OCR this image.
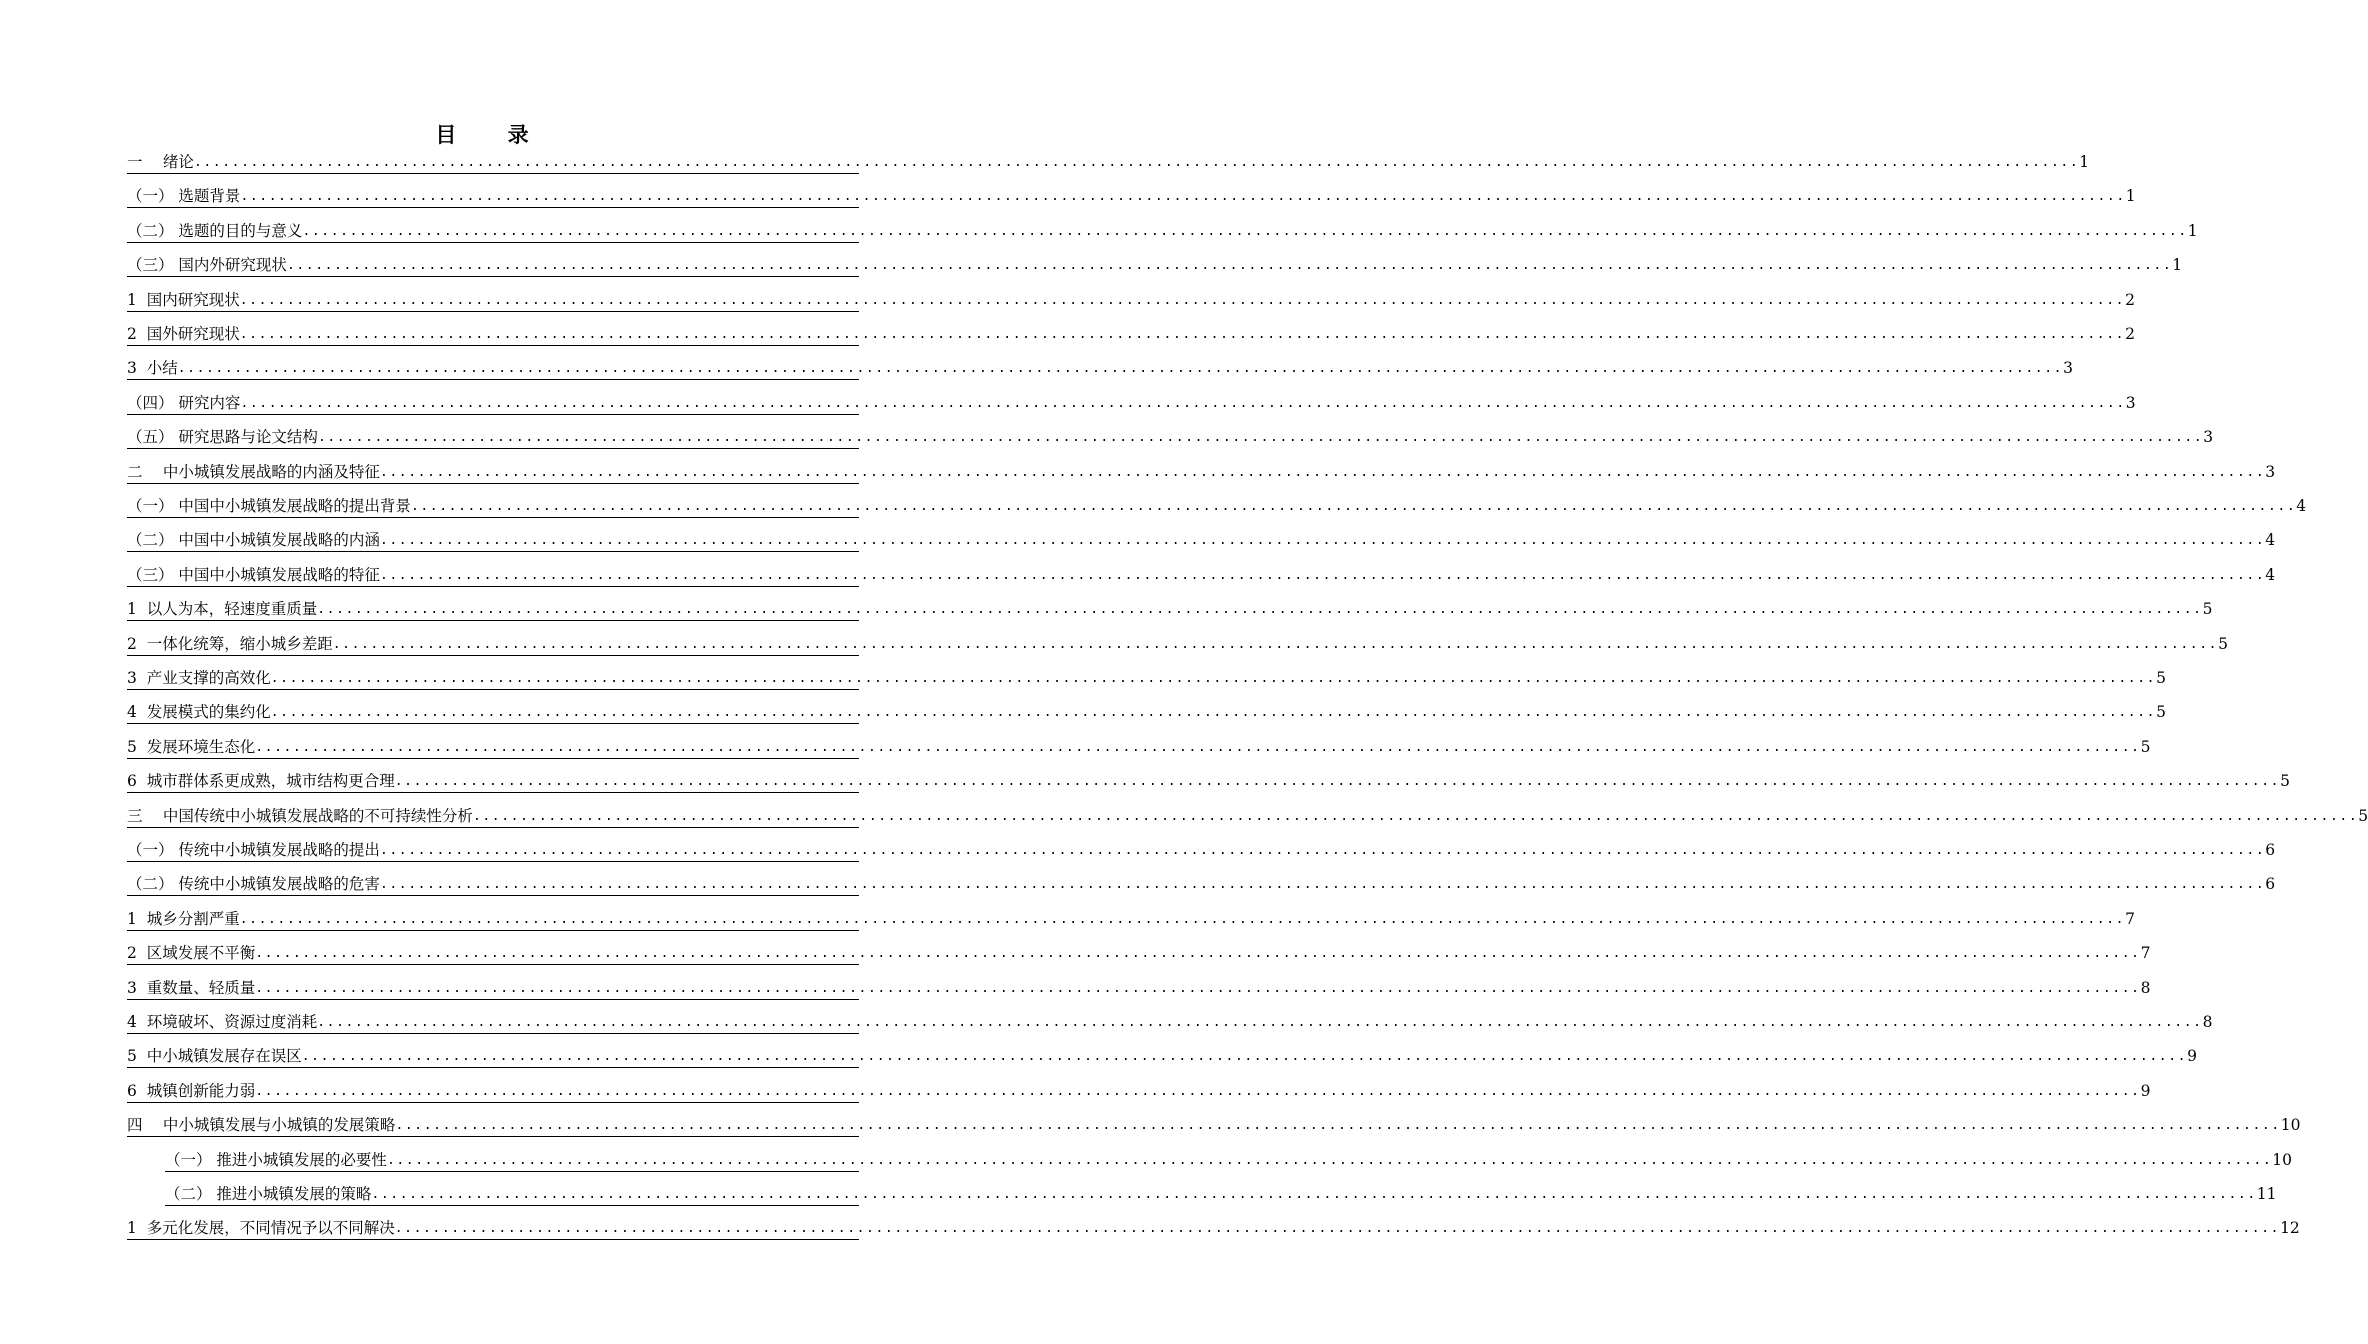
目 录
一　 绪论 ........................................................................................................................................................................................................ 1
（一） 选题背景 ........................................................................................................................................................................................................ 1
（二） 选题的目的与意义 ........................................................................................................................................................................................................ 1
（三） 国内外研究现状 ........................................................................................................................................................................................................ 1
1  国内研究现状 ........................................................................................................................................................................................................ 2
2  国外研究现状 ........................................................................................................................................................................................................ 2
3  小结 ........................................................................................................................................................................................................ 3
（四） 研究内容 ........................................................................................................................................................................................................ 3
（五） 研究思路与论文结构 ........................................................................................................................................................................................................ 3
二　 中小城镇发展战略的内涵及特征 ........................................................................................................................................................................................................ 3
（一） 中国中小城镇发展战略的提出背景 ........................................................................................................................................................................................................ 4
（二） 中国中小城镇发展战略的内涵 ........................................................................................................................................................................................................ 4
（三） 中国中小城镇发展战略的特征 ........................................................................................................................................................................................................ 4
1  以人为本，轻速度重质量 ........................................................................................................................................................................................................ 5
2  一体化统筹，缩小城乡差距 ........................................................................................................................................................................................................ 5
3  产业支撑的高效化 ........................................................................................................................................................................................................ 5
4  发展模式的集约化 ........................................................................................................................................................................................................ 5
5  发展环境生态化 ........................................................................................................................................................................................................ 5
6  城市群体系更成熟，城市结构更合理 ........................................................................................................................................................................................................ 5
三　 中国传统中小城镇发展战略的不可持续性分析 ........................................................................................................................................................................................................ 5
（一） 传统中小城镇发展战略的提出 ........................................................................................................................................................................................................ 6
（二） 传统中小城镇发展战略的危害 ........................................................................................................................................................................................................ 6
1  城乡分割严重 ........................................................................................................................................................................................................ 7
2  区域发展不平衡 ........................................................................................................................................................................................................ 7
3  重数量、轻质量 ........................................................................................................................................................................................................ 8
4  环境破坏、资源过度消耗 ........................................................................................................................................................................................................ 8
5  中小城镇发展存在误区 ........................................................................................................................................................................................................ 9
6  城镇创新能力弱 ........................................................................................................................................................................................................ 9
四　 中小城镇发展与小城镇的发展策略 ........................................................................................................................................................................................................ 10
（一） 推进小城镇发展的必要性 ........................................................................................................................................................................................................ 10
（二） 推进小城镇发展的策略 ........................................................................................................................................................................................................ 11
1  多元化发展，不同情况予以不同解决 ........................................................................................................................................................................................................ 12
